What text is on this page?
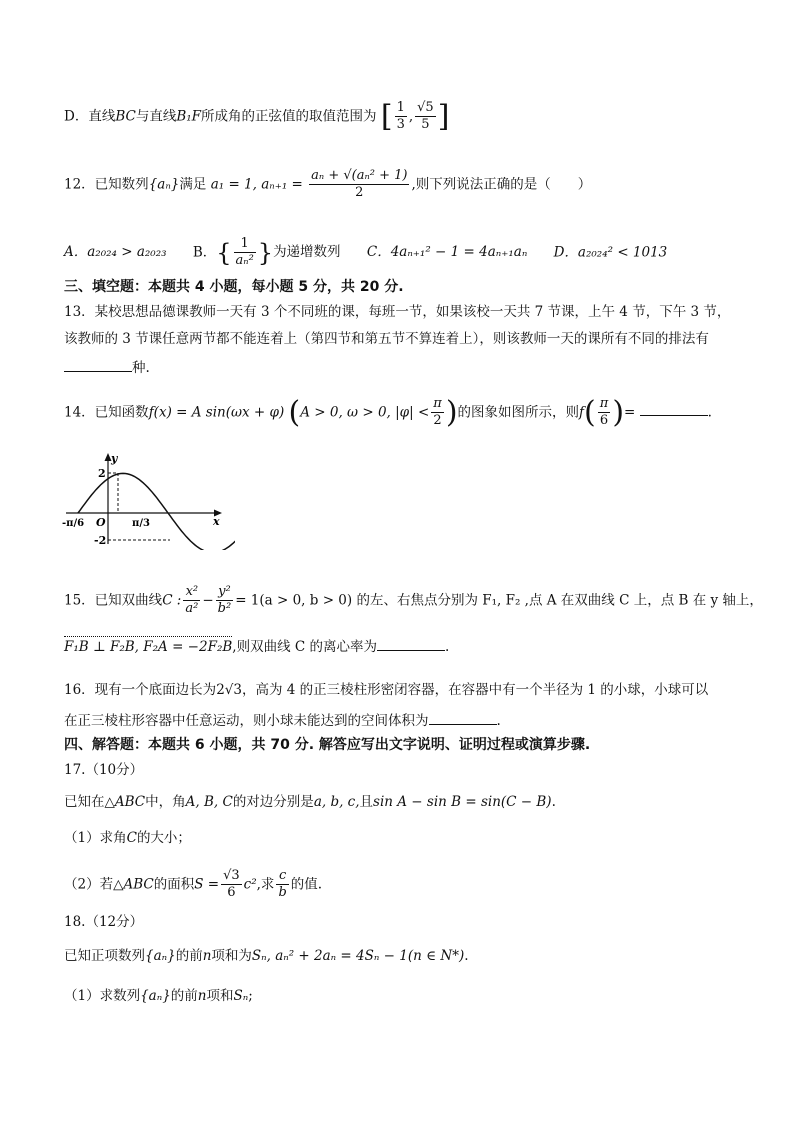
D．直线BC与直线B₁F所成角的正弦值的取值范围为 [ $\frac{1}{3}$ , $\frac{√5}{5}$ ]
12．已知数列{aₙ}满足 a₁ = 1, $a_{n+1} = \frac{\text{aₙ + √(aₙ² + 1)}}{2}$ ,则下列说法正确的是（　　）
A．a₂₀₂₄ > a₂₀₂₃ B．{ $\frac{1}{\text{aₙ²}}$ }为递增数列 C．4aₙ₊₁² − 1 = 4aₙ₊₁aₙ D．a₂₀₂₄² < 1013
三、填空题：本题共 4 小题，每小题 5 分，共 20 分.
13．某校思想品德课教师一天有 3 个不同班的课，每班一节，如果该校一天共 7 节课，上午 4 节，下午 3 节，
该教师的 3 节课任意两节都不能连着上（第四节和第五节不算连着上），则该教师一天的课所有不同的排法有
种.
14．已知函数f(x) = A sin(ωx + φ) (A > 0, ω > 0, $|\varphi| < \frac{\pi}{2}$ )的图象如图所示，则$f( \frac{\pi}{6}$ )=	.
y
x
O
2
-2
-π/6	π/3
15．已知双曲线C : $\frac{\text{x²}}{\text{a²}} - \frac{\text{y²}}{\text{b²}} = 1(a > 0$, b > 0) 的左、右焦点分别为 F₁, F₂ ,点 A 在双曲线 C 上，点 B 在 y 轴上，
F₁B ⊥ F₂B, F₂A = −2F₂B,则双曲线 C 的离心率为	.
16．现有一个底面边长为2√3，高为 4 的正三棱柱形密闭容器，在容器中有一个半径为 1 的小球，小球可以
在正三棱柱形容器中任意运动，则小球未能达到的空间体积为	.
四、解答题：本题共 6 小题，共 70 分. 解答应写出文字说明、证明过程或演算步骤.
17.（10分）
已知在△ABC中，角A, B, C的对边分别是a, b, c,且sin A − sin B = sin(C − B).
（1）求角C的大小；
（2）若△ABC的面积$S = \frac{√3}{6} c^2$,求 $\frac{c}{b}$ 的值.
18.（12分）
已知正项数列{aₙ}的前n项和为Sₙ, aₙ² + 2aₙ = 4Sₙ − 1(n ∈ N*).
（1）求数列{aₙ}的前n项和Sₙ;
